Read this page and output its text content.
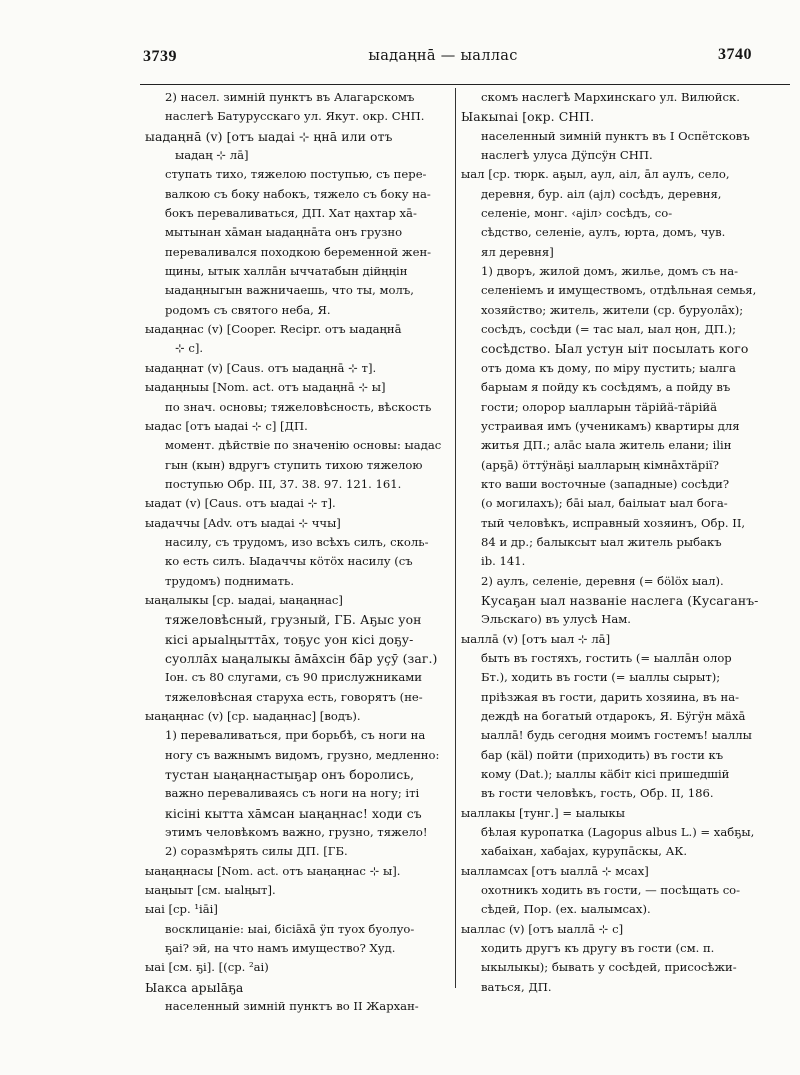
3739	ыадаңнā — ыаллас	3740

2) насел. зимній пунктъ въ Алагарскомъ

наслегѣ Батурусскаго ул. Якут. окр. СНП.

ыадаңнā (v) [отъ ыадаі ⊹ ңнā или отъ

ыадаң ⊹ лā]

ступать тихо, тяжелою поступью, съ пере-

валкою съ боку набокъ, тяжело съ боку на-

бокъ переваливаться, ДП. Хат ңахтар хā-

мытынан хāман ыадаңнāта онъ грузно

переваливался походкою беременной жен-

щины, ытык халлāн ыччатабын дійңңін

ыадаңныгын важничаешь, что ты, молъ,

родомъ съ святого неба, Я.

ыадаңнас (v) [Cooper. Recipr. отъ ыадаңнā

⊹ с].

ыадаңнат (v) [Caus. отъ ыадаңнā ⊹ т].

ыадаңныы [Nom. act. отъ ыадаңнā ⊹ ы]

по знач. основы; тяжеловѣсность, вѣскость

ыадас [отъ ыадаі ⊹ с] [ДП.

момент. дѣйствіе по значенію основы: ыадас

гын (кын) вдругъ ступить тихою тяжелою

поступью Обр. III, 37. 38. 97. 121. 161.

ыадат (v) [Caus. отъ ыадаі ⊹ т].

ыадаччы [Adv. отъ ыадаі ⊹ ччы]

насилу, съ трудомъ, изо всѣхъ силъ, сколь-

ко есть силъ. Ыадаччы кöтöх насилу (съ

трудомъ) поднимать.

ыаңалыкы [ср. ыадаі, ыаңаңнас]

тяжеловѣсный, грузный, ГБ. Аҕыс уон

кісі арыаlңыттāх, тоҕус уон кісі доҕу-

суоллāх ыаңалыкы āмāхсін бāр уҫӯ (заг.)

Іон. съ 80 слугами, съ 90 прислужниками

тяжеловѣсная старуха есть, говорятъ (не-

ыаңаңнас (v) [ср. ыадаңнас] [водъ).

1) переваливаться, при борьбѣ, съ ноги на

ногу съ важнымъ видомъ, грузно, медленно:

тустан ыаңаңнастыҕар онъ боролись,

важно переваливаясь съ ноги на ногу; іті

кісіні кытта хāмсан ыаңаңнас! ходи съ

этимъ человѣкомъ важно, грузно, тяжело!

2) соразмѣрять силы ДП. [ГБ.

ыаңаңнасы [Nom. act. отъ ыаңаңнас ⊹ ы].

ыаңыыт [см. ыаlңыт].

ыаі [ср. ¹іāі]

восклицаніе: ыаі, бісіāхā ӱп туох буолуо-

ҕаі? эй, на что намъ имущество? Худ.

ыаі [см. ҕі]. [(ср. ²аі)

Ыакса арыlāҕа

населенный зимній пунктъ во II Жархан-

скомъ наслегѣ Мархинскаго ул. Вилюйск.

Ыакыnаі [окр. СНП.

населенный зимній пунктъ въ I Оспётсковъ

наслегѣ улуса Дӱпсӱн СНП.

ыал [ср. тюрк. аҕыл, аул, аіл, āл аулъ, село,

деревня, бур. аіл (аjл) сосѣдъ, деревня,

селеніе, монг. ‹ајіл› сосѣдъ, со-

сѣдство, селеніе, аулъ, юрта, домъ, чув.

ял деревня]

1) дворъ, жилой домъ, жилье, домъ съ на-

селеніемъ и имуществомъ, отдѣльная семья,

хозяйство; житель, жители (ср. буруолāх);

сосѣдъ, сосѣди (= тас ыал, ыал ңон, ДП.);

сосѣдство. Ыал устун ыіт посылать кого

отъ дома къ дому, по міру пустить; ыалга

барыам я пойду къ сосѣдямъ, а пойду въ

гости; олорор ыалларын тäрійä-тäрійä

устраивая имъ (ученикамъ) квартиры для

житья ДП.; алāс ыала житель елани; іlін

(арҕā) öттӱнäҕі ыалларың кімнāхтäрії?

кто ваши восточные (западные) сосѣди?

(о могилахъ); бāі ыал, баілыат ыал бога-

тый человѣкъ, исправный хозяинъ, Обр. II,

84 и др.; балыксыт ыал житель рыбакъ

ib. 141.

2) аулъ, селеніе, деревня (= бölöх ыал).

Кусаҕан ыал названіе наслега (Кусаганъ-

Эльскаго) въ улусѣ Нам.

ыаллā (v) [отъ ыал ⊹ лā]

быть въ гостяхъ, гостить (= ыаллāн олор

Бт.), ходить въ гости (= ыаллы сырыт);

пріѣзжая въ гости, дарить хозяина, въ на-

деждѣ на богатый отдарокъ, Я. Бӱгӱн мäхā

ыаллā! будь сегодня моимъ гостемъ! ыаллы

бар (кäl) пойти (приходить) въ гости къ

кому (Dat.); ыаллы кäбіт кісі пришедшій

въ гости человѣкъ, гость, Обр. II, 186.

ыаллакы [тунг.] = ыалыкы

бѣлая куропатка (Lagopus albus L.) = хабҕы,

хабаіхан, хабаjах, курупāскы, АК.

ыалламсах [отъ ыаллā ⊹ мсах]

охотникъ ходить въ гости, — посѣщать со-

сѣдей, Пор. (ех. ыалымсах).

ыаллас (v) [отъ ыаллā ⊹ с]

ходить другъ къ другу въ гости (см. п.

ыкылыкы); бывать у сосѣдей, присосѣжи-

ваться, ДП.
